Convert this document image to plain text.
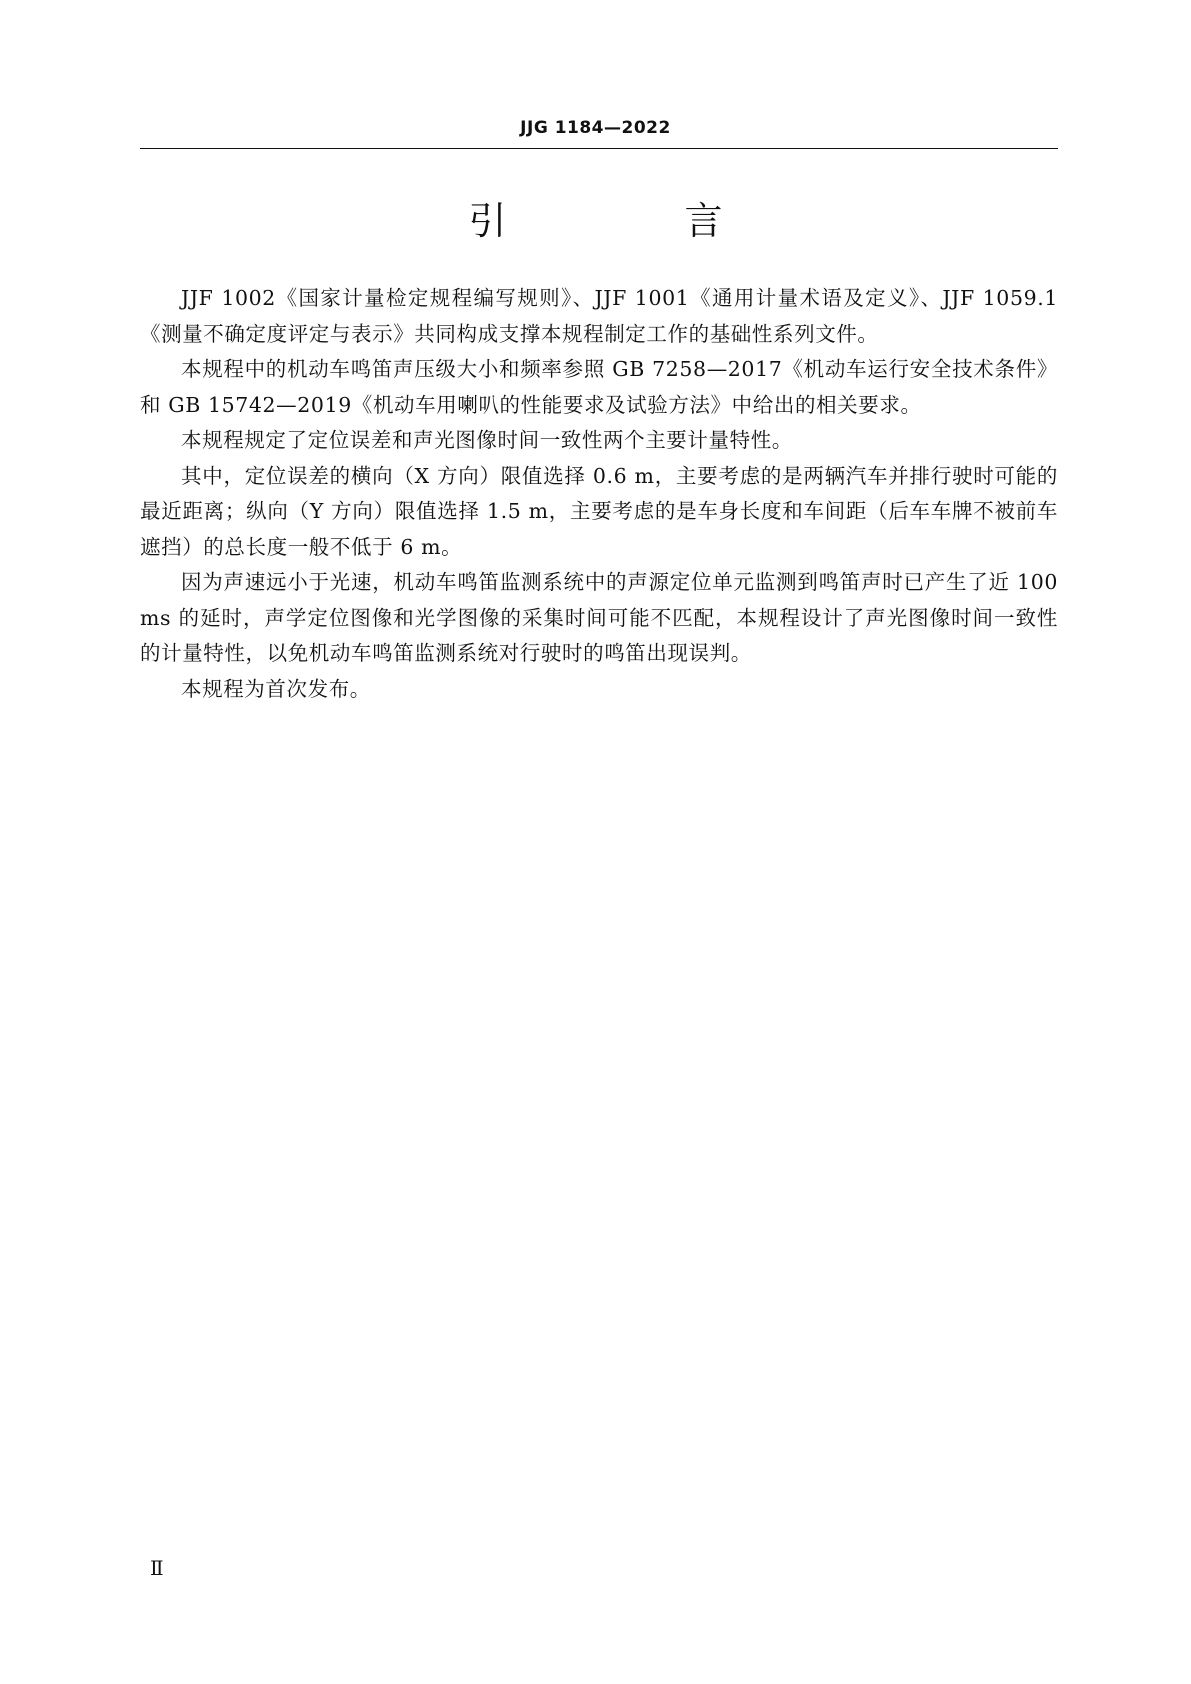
JJG 1184—2022
引　言

JJF 1002《国家计量检定规程编写规则》、JJF 1001《通用计量术语及定义》、JJF 1059.1《测量不确定度评定与表示》共同构成支撑本规程制定工作的基础性系列文件。

本规程中的机动车鸣笛声压级大小和频率参照 GB 7258—2017《机动车运行安全技术条件》和 GB 15742—2019《机动车用喇叭的性能要求及试验方法》中给出的相关要求。

本规程规定了定位误差和声光图像时间一致性两个主要计量特性。

其中，定位误差的横向（X 方向）限值选择 0.6 m，主要考虑的是两辆汽车并排行驶时可能的最近距离；纵向（Y 方向）限值选择 1.5 m，主要考虑的是车身长度和车间距（后车车牌不被前车遮挡）的总长度一般不低于 6 m。

因为声速远小于光速，机动车鸣笛监测系统中的声源定位单元监测到鸣笛声时已产生了近 100 ms 的延时，声学定位图像和光学图像的采集时间可能不匹配，本规程设计了声光图像时间一致性的计量特性，以免机动车鸣笛监测系统对行驶时的鸣笛出现误判。

本规程为首次发布。

Ⅱ
